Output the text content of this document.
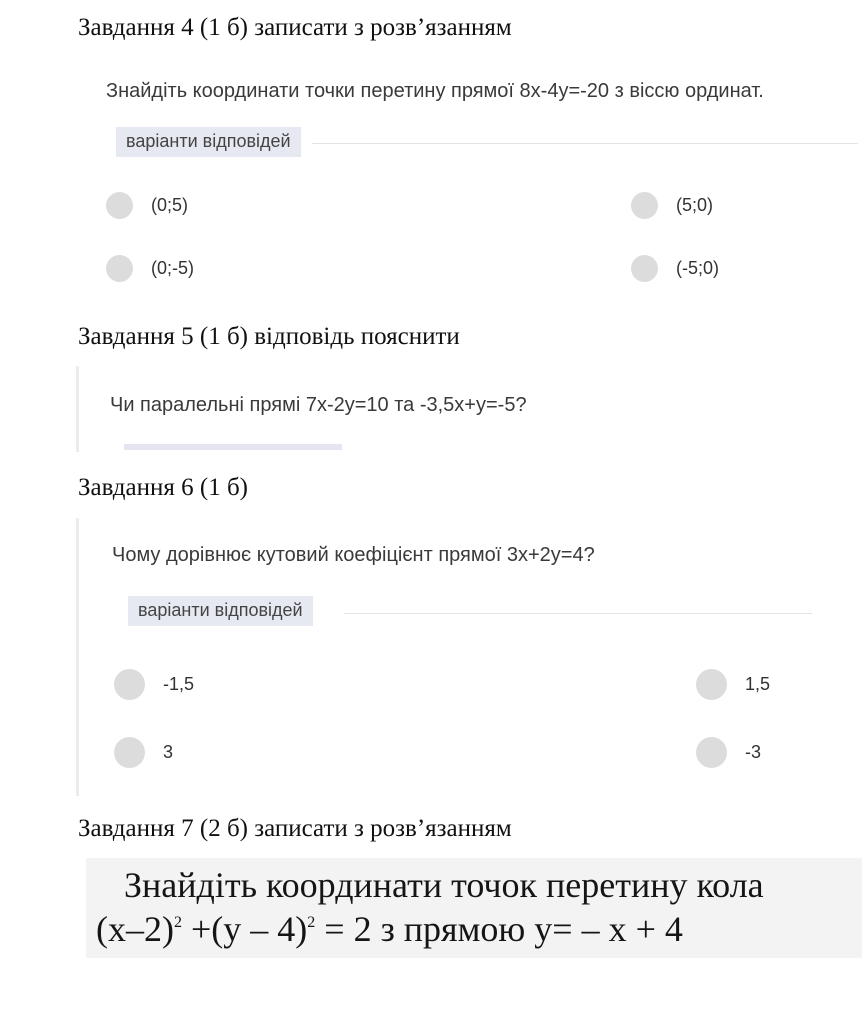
Завдання 4 (1 б) записати з розв’язанням
Знайдіть координати точки перетину прямої 8х-4у=-20 з віссю ординат.
варіанти відповідей
(0;5)	(5;0)
(0;-5)	(-5;0)
Завдання 5 (1 б) відповідь пояснити
Чи паралельні прямі 7х-2у=10 та -3,5х+у=-5?
Завдання 6 (1 б)
Чому дорівнює кутовий коефіцієнт прямої 3х+2у=4?
варіанти відповідей
-1,5	1,5
3	-3
Завдання 7 (2 б) записати з розв’язанням
Знайдіть координати точок перетину кола
$(х-2)^2 +(у - 4)^2 = 2$ з прямою у= – х + 4
